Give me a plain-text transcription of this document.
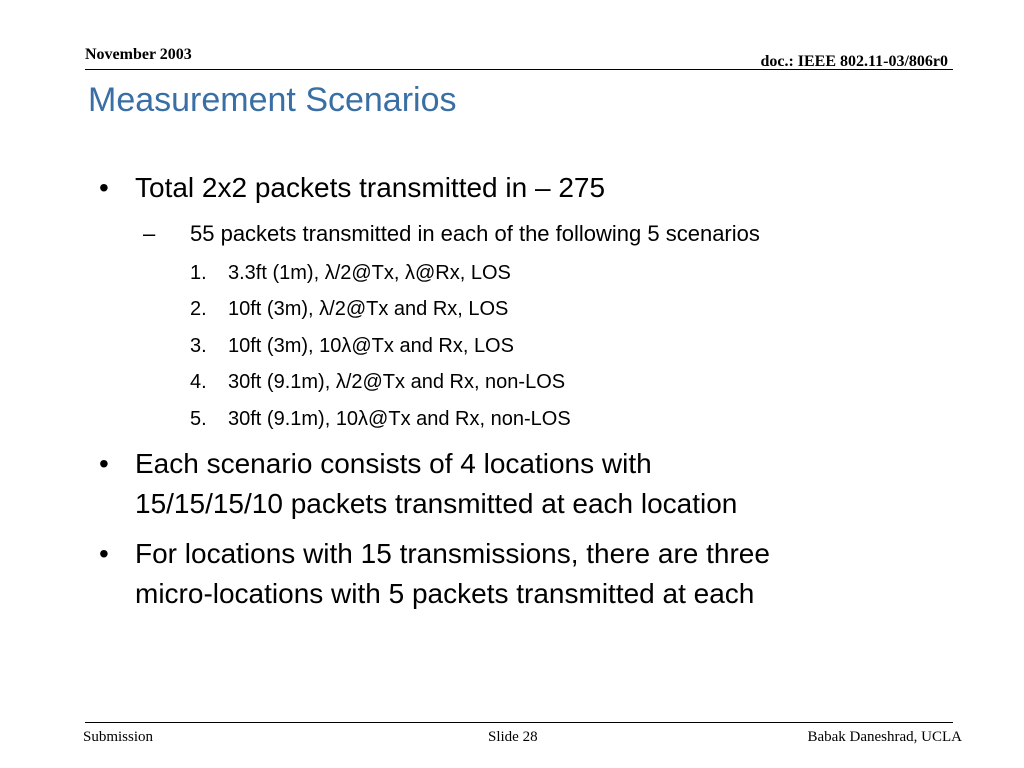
November 2003	doc.: IEEE 802.11-03/806r0
Measurement Scenarios
• Total 2x2 packets transmitted in – 275
– 55 packets transmitted in each of the following 5 scenarios
1. 3.3ft (1m), λ/2@Tx, λ@Rx, LOS
2. 10ft (3m), λ/2@Tx and Rx, LOS
3. 10ft (3m), 10λ@Tx and Rx, LOS
4. 30ft (9.1m), λ/2@Tx and Rx, non-LOS
5. 30ft (9.1m), 10λ@Tx and Rx, non-LOS
• Each scenario consists of 4 locations with
15/15/15/10 packets transmitted at each location
• For locations with 15 transmissions, there are three
micro-locations with 5 packets transmitted at each
Submission	Slide 28	Babak Daneshrad, UCLA
